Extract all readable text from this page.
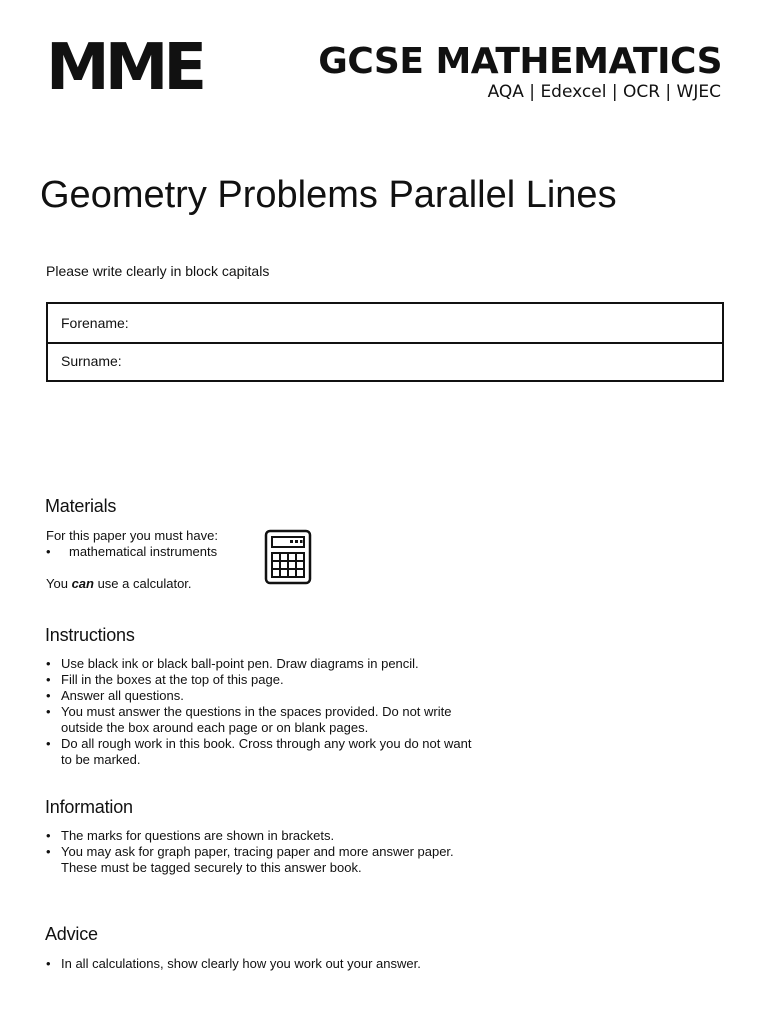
MME	GCSE MATHEMATICS
AQA | Edexcel | OCR | WJEC
Geometry Problems Parallel Lines
Please write clearly in block capitals
Forename:
Surname:
Materials
For this paper you must have:
• mathematical instruments
You can use a calculator.
Instructions
• Use black ink or black ball-point pen. Draw diagrams in pencil.
• Fill in the boxes at the top of this page.
• Answer all questions.
• You must answer the questions in the spaces provided. Do not write
outside the box around each page or on blank pages.
• Do all rough work in this book. Cross through any work you do not want
to be marked.
Information
• The marks for questions are shown in brackets.
• You may ask for graph paper, tracing paper and more answer paper.
These must be tagged securely to this answer book.
Advice
• In all calculations, show clearly how you work out your answer.
